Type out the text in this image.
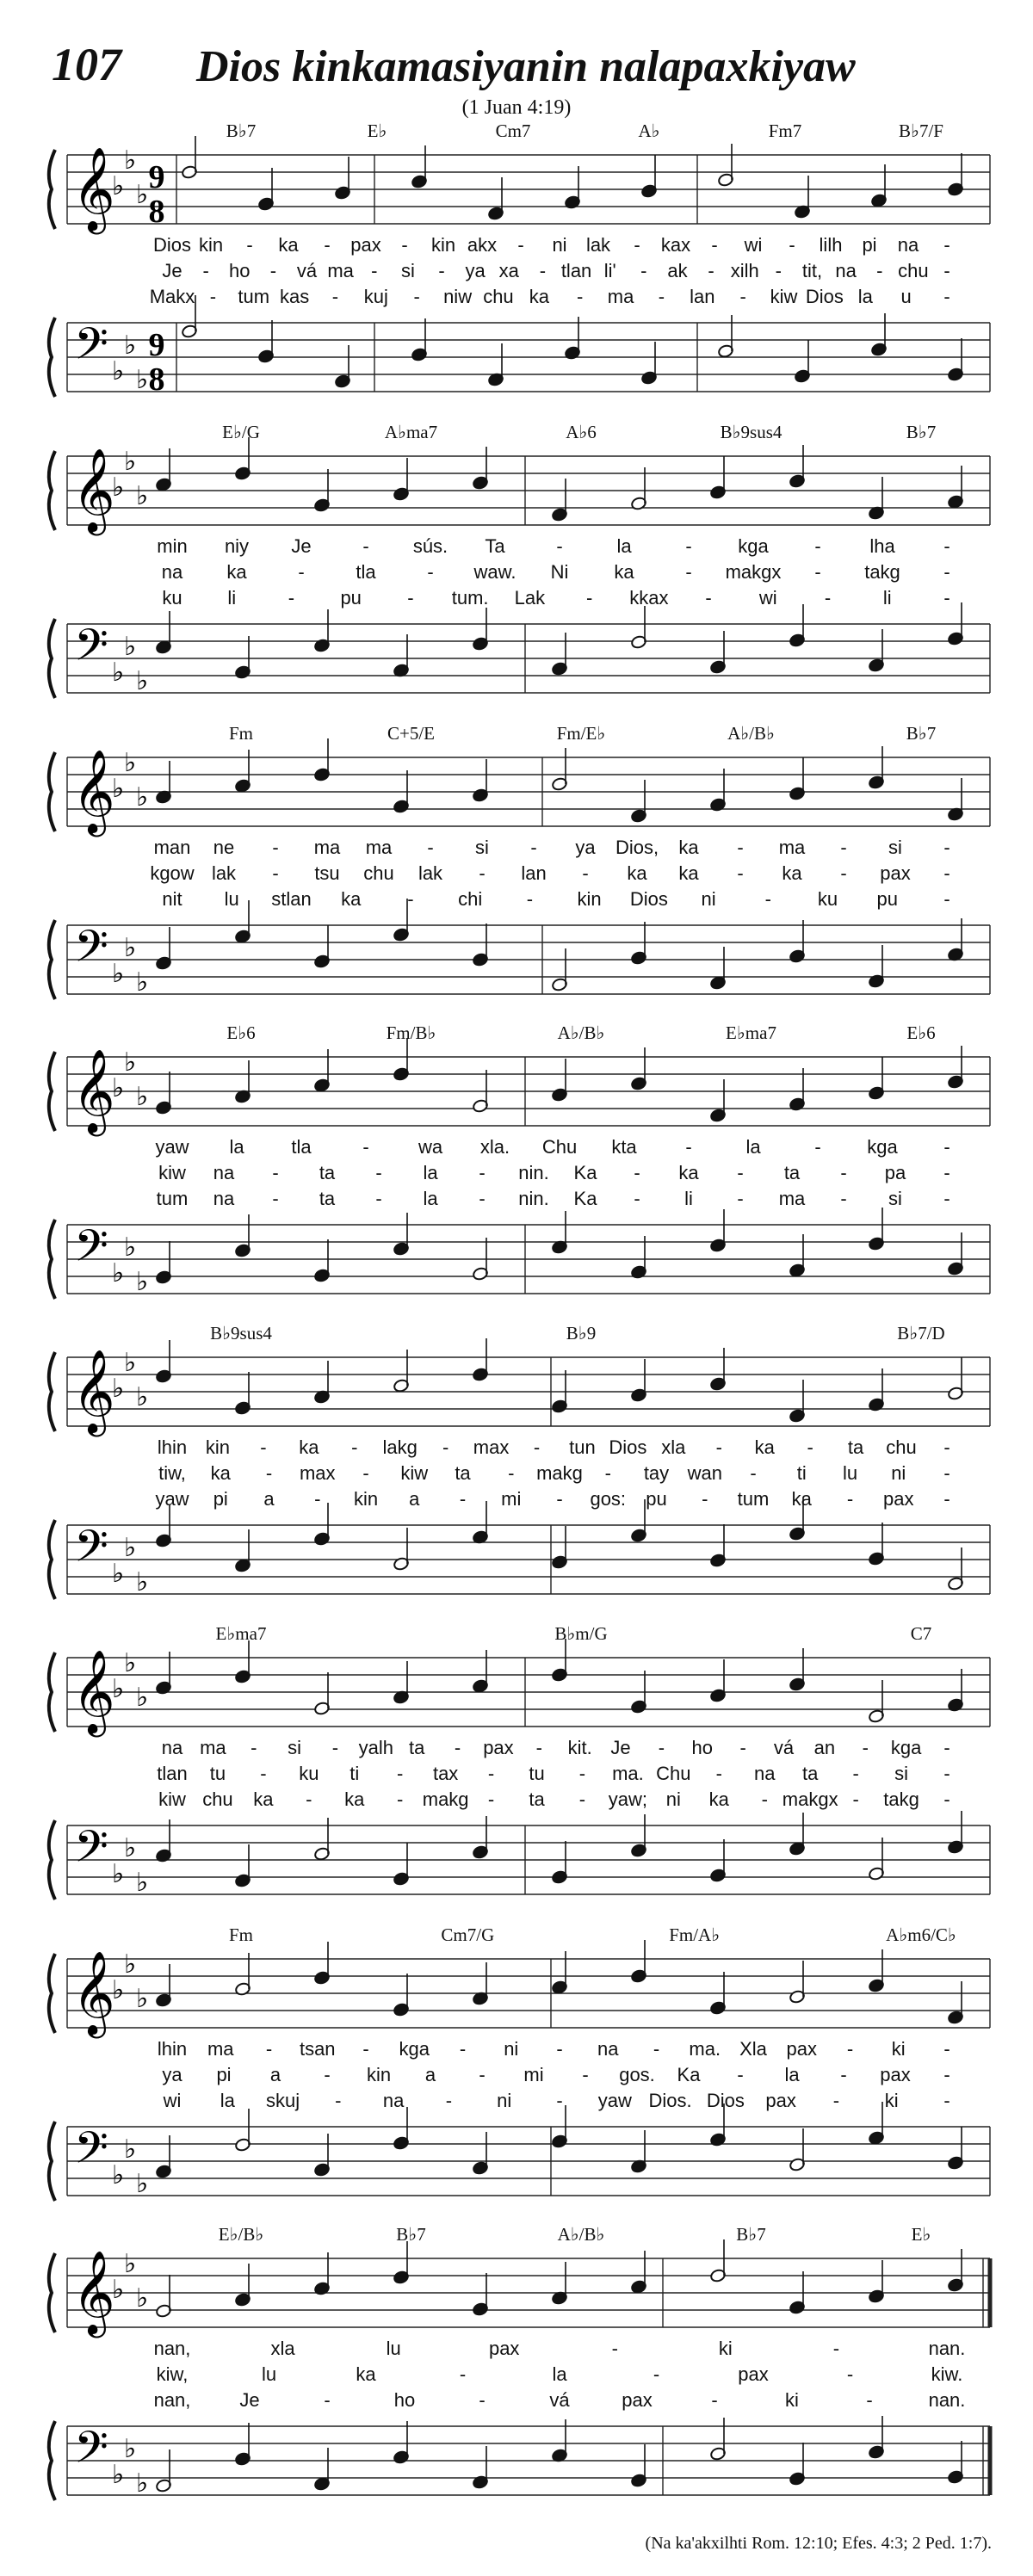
107 Dios kinkamasiyanin nalapaxkiyaw
(1 Juan 4:19)
B♭7	E♭	Cm7	A♭	Fm7	B♭7/F
𝄞
𝄢
♭
♭
♭
♭
♭
♭
9
8
9
8
Dios kin - ka - pax - kin akx - ni lak - kax - wi - lilh pi na -
Je - ho - vá ma - si - ya xa - tlan li' - ak - xilh - tit, na - chu -
Makx - tum kas - kuj - niw chu ka - ma - lan - kiw Dios la u -
E♭/G	A♭ma7	A♭6	B♭9sus4	B♭7
𝄞
𝄢
♭
♭
♭
♭
♭
♭
min niy Je	- sús. Ta	-	la	- kga -	lha	-
na ka	-	tla	- waw. Ni ka	- makgx - takg -
ku li	- pu - tum. Lak - kkax -	wi	-	li	-
Fm	C+5/E	Fm/E♭	A♭/B♭	B♭7
𝄞
𝄢
♭
♭
♭
♭
♭
♭
man ne - ma ma - si - ya Dios, ka - ma - si -
kgow lak - tsu chu lak - lan - ka ka - ka - pax -
nit lu stlan ka - chi - kin Dios ni	- ku pu -
E♭6	Fm/B♭	A♭/B♭	E♭ma7	E♭6
𝄞
𝄢
♭
♭
♭
♭
♭
♭
yaw la tla	-	wa xla. Chu kta	-	la	- kga -
kiw na - ta - la - nin. Ka - ka - ta - pa -
tum na - ta - la - nin. Ka - li - ma - si -
B♭9sus4	B♭9	B♭7/D
𝄞
𝄢
♭
♭
♭
♭
♭
♭
lhin kin - ka - lakg - max - tun Dios xla - ka - ta chu -
tiw, ka - max - kiw ta - makg - tay wan - ti lu ni -
yaw pi a - kin a - mi - gos: pu - tum ka - pax -
E♭ma7	B♭m/G	C7
𝄞
𝄢
♭
♭
♭
♭
♭
♭
na ma - si - yalh ta - pax - kit. Je - ho - vá an - kga -
tlan tu - ku ti - tax - tu - ma. Chu - na ta - si -
kiw chu ka - ka - makg - ta - yaw; ni ka - makgx - takg -
Fm	Cm7/G	Fm/A♭	A♭m6/C♭
𝄞
𝄢
♭
♭
♭
♭
♭
♭
lhin ma - tsan - kga - ni - na - ma. Xla pax - ki -
ya pi a - kin a - mi - gos. Ka - la - pax -
wi la skuj - na - ni - yaw Dios. Dios pax - ki -
E♭/B♭	B♭7	A♭/B♭	B♭7	E♭
𝄞
𝄢
♭
♭
♭
♭
♭
♭
nan,	xla	lu	pax	-	ki	-	nan.
kiw,	lu	ka	-	la	-	pax	-	kiw.
nan,	Je	-	ho	-	vá	pax	-	ki	-	nan.
(Na ka'akxilhti Rom. 12:10; Efes. 4:3; 2 Ped. 1:7).
